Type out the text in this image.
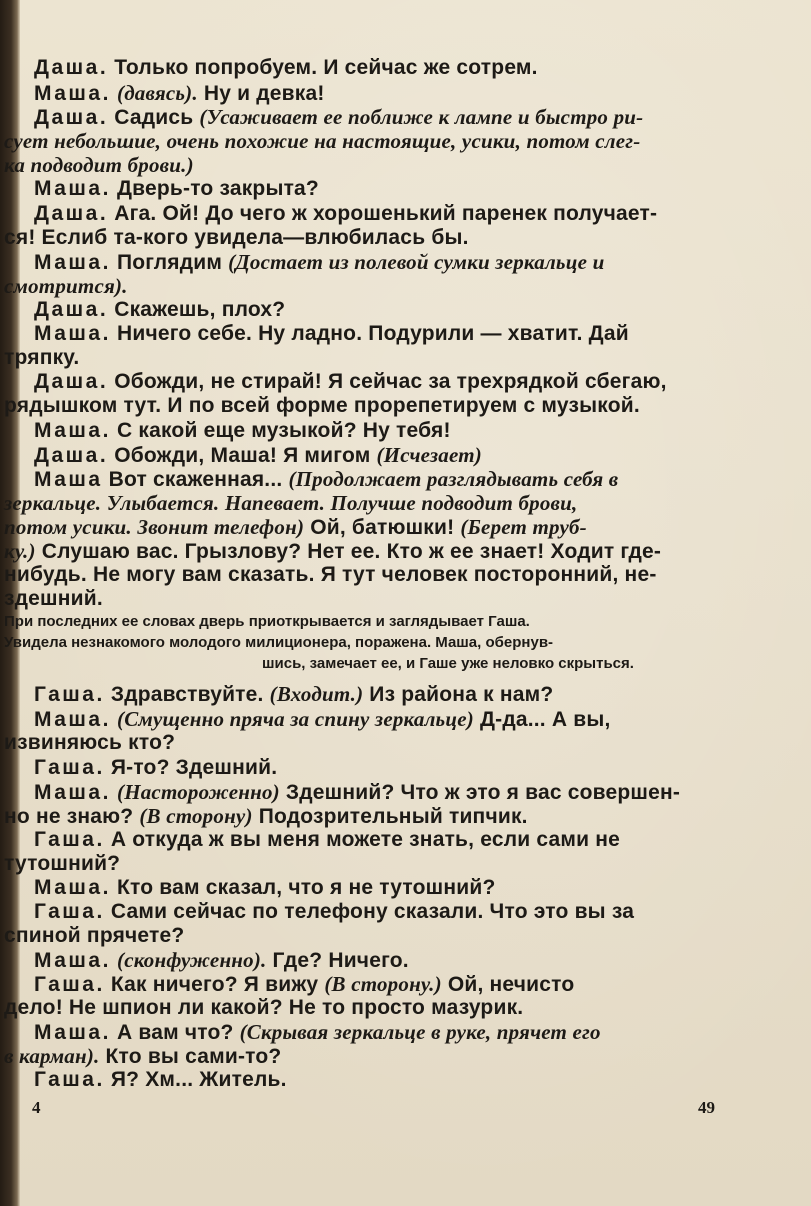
Даша. Только попробуем. И сейчас же сотрем.
Маша. (давясь). Ну и девка!
Даша. Садись (Усаживает ее поближе к лампе и быстро ри-
сует небольшие, очень похожие на настоящие, усики, потом слег-
ка подводит брови.)
Маша. Дверь-то закрыта?
Даша. Ага. Ой! До чего ж хорошенький паренек получает-
ся! Еслиб та-кого увидела—влюбилась бы.
Маша. Поглядим (Достает из полевой сумки зеркальце и
смотрится).
Даша. Скажешь, плох?
Маша. Ничего себе. Ну ладно. Подурили — хватит. Дай
тряпку.
Даша. Обожди, не стирай! Я сейчас за трехрядкой сбегаю,
рядышком тут. И по всей форме прорепетируем с музыкой.
Маша. С какой еще музыкой? Ну тебя!
Даша. Обожди, Маша! Я мигом (Исчезает)
Маша Вот скаженная... (Продолжает разглядывать себя в
зеркальце. Улыбается. Напевает. Получше подводит брови,
потом усики. Звонит телефон) Ой, батюшки! (Берет труб-
ку.) Слушаю вас. Грызлову? Нет ее. Кто ж ее знает! Ходит где-
нибудь. Не могу вам сказать. Я тут человек посторонний, не-
здешний.
При последних ее словах дверь приоткрывается и заглядывает Гаша.
Увидела незнакомого молодого милиционера, поражена. Маша, обернув-
шись, замечает ее, и Гаше уже неловко скрыться.
Гаша. Здравствуйте. (Входит.) Из района к нам?
Маша. (Смущенно пряча за спину зеркальце) Д-да... А вы,
извиняюсь кто?
Гаша. Я-то? Здешний.
Маша. (Настороженно) Здешний? Что ж это я вас совершен-
но не знаю? (В сторону) Подозрительный типчик.
Гаша. А откуда ж вы меня можете знать, если сами не
тутошний?
Маша. Кто вам сказал, что я не тутошний?
Гаша. Сами сейчас по телефону сказали. Что это вы за
спиной прячете?
Маша. (сконфуженно). Где? Ничего.
Гаша. Как ничего? Я вижу (В сторону.) Ой, нечисто
дело! Не шпион ли какой? Не то просто мазурик.
Маша. А вам что? (Скрывая зеркальце в руке, прячет его
в карман). Кто вы сами-то?
Гаша. Я? Хм... Житель.
4	49
